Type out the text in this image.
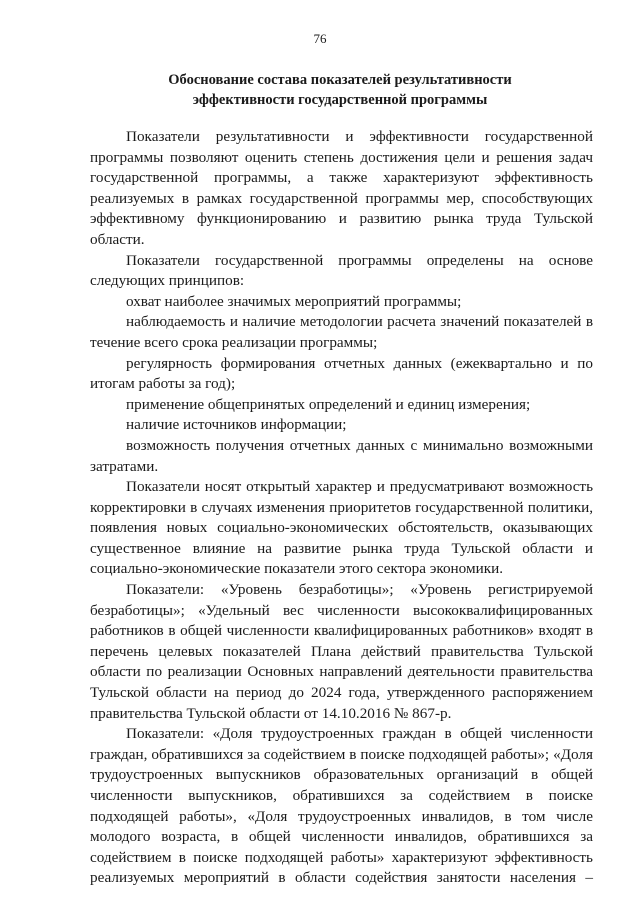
76
Обоснование состава показателей результативности
эффективности государственной программы

Показатели результативности и эффективности государственной программы позволяют оценить степень достижения цели и решения задач государственной программы, а также характеризуют эффективность реализуемых в рамках государственной программы мер, способствующих эффективному функционированию и развитию рынка труда Тульской области.

Показатели государственной программы определены на основе следующих принципов:

охват наиболее значимых мероприятий программы;

наблюдаемость и наличие методологии расчета значений показателей в течение всего срока реализации программы;

регулярность формирования отчетных данных (ежеквартально и по итогам работы за год);

применение общепринятых определений и единиц измерения;

наличие источников информации;

возможность получения отчетных данных с минимально возможными затратами.

Показатели носят открытый характер и предусматривают возможность корректировки в случаях изменения приоритетов государственной политики, появления новых социально-экономических обстоятельств, оказывающих существенное влияние на развитие рынка труда Тульской области и социально-экономические показатели этого сектора экономики.

Показатели: «Уровень безработицы»; «Уровень регистрируемой безработицы»; «Удельный вес численности высококвалифицированных работников в общей численности квалифицированных работников» входят в перечень целевых показателей Плана действий правительства Тульской области по реализации Основных направлений деятельности правительства Тульской области на период до 2024 года, утвержденного распоряжением правительства Тульской области от 14.10.2016 № 867-р.

Показатели: «Доля трудоустроенных граждан в общей численности граждан, обратившихся за содействием в поиске подходящей работы»; «Доля трудоустроенных выпускников образовательных организаций в общей численности выпускников, обратившихся за содействием в поиске подходящей работы», «Доля трудоустроенных инвалидов, в том числе молодого возраста, в общей численности инвалидов, обратившихся за содействием в поиске подходящей работы» характеризуют эффективность реализуемых мероприятий в области содействия занятости населения –
